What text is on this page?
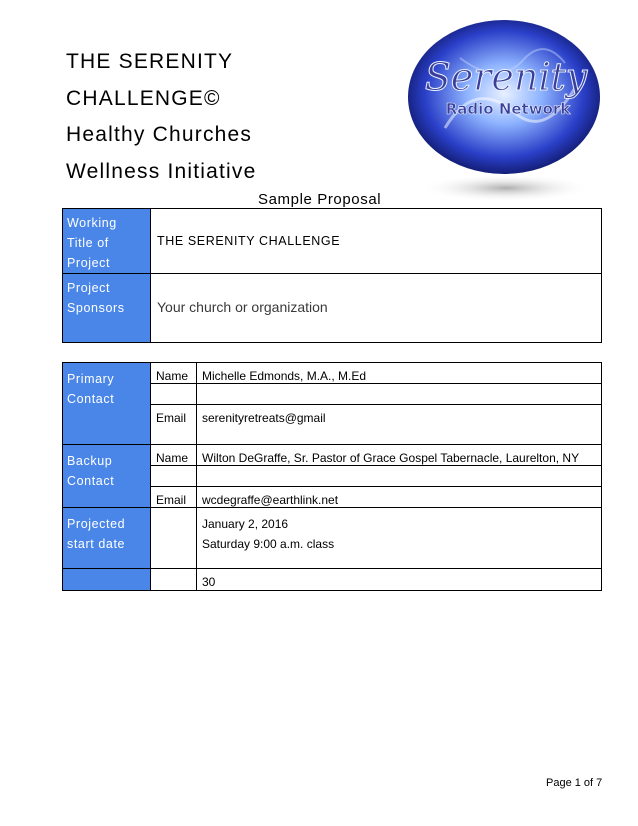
THE SERENITY
CHALLENGE©
Healthy Churches
Wellness Initiative
Serenity
Radio Network
Sample Proposal
Working Title of Project	THE SERENITY CHALLENGE
Project Sponsors	Your church or organization
Primary Contact	Name	Michelle Edmonds, M.A., M.Ed

	Email	serenityretreats@gmail
Backup Contact	Name	Wilton DeGraffe, Sr. Pastor of Grace Gospel Tabernacle, Laurelton, NY

	Email	wcdegraffe@earthlink.net
Projected start date		January 2, 2016
Saturday 9:00 a.m. class

		30
Page 1 of 7
